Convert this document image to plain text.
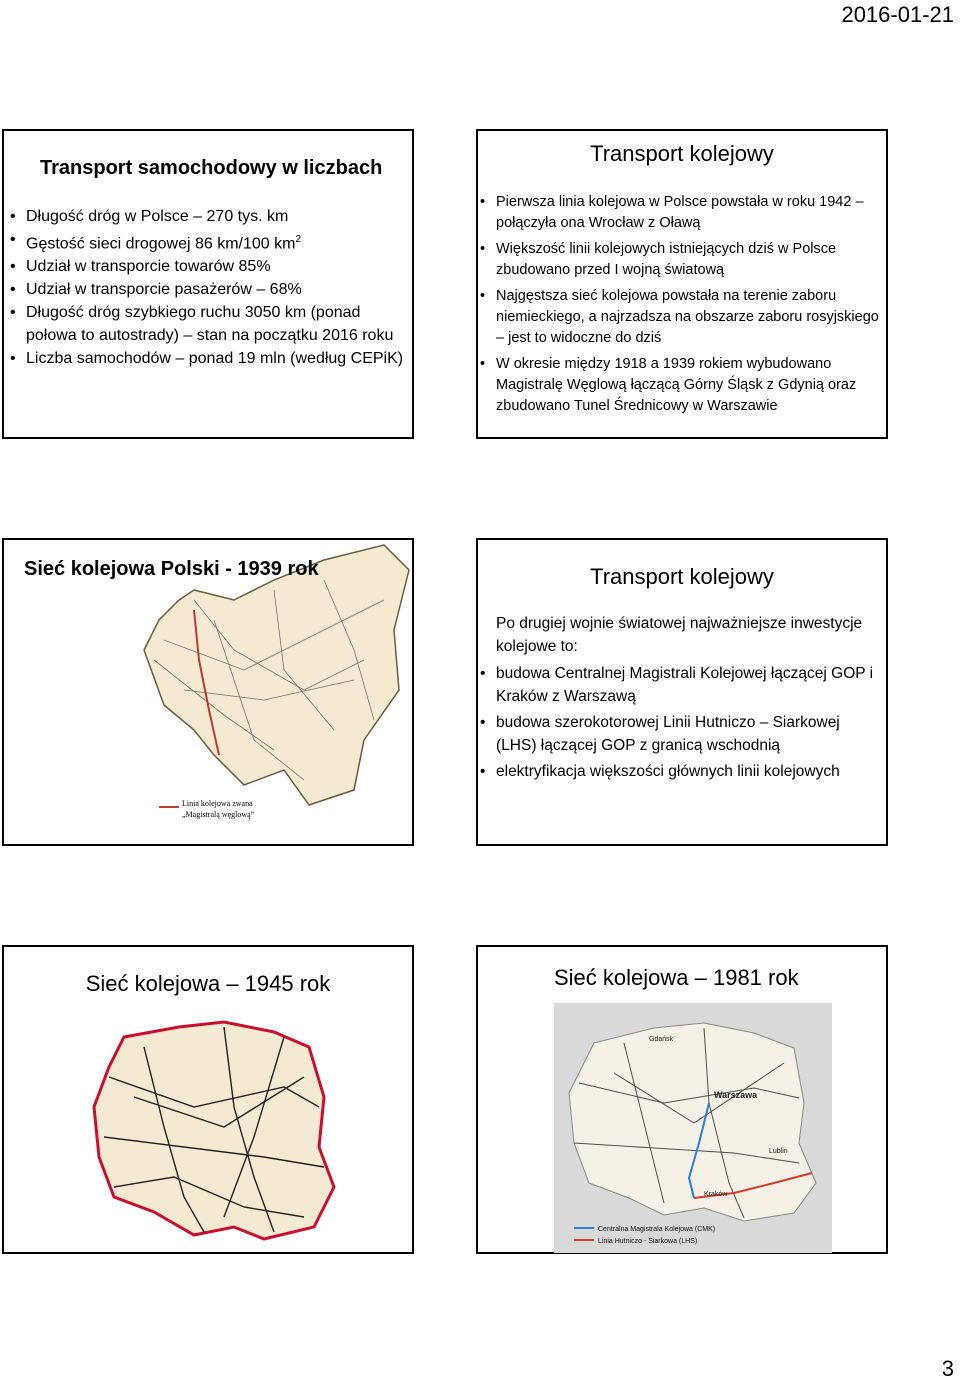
2016-01-21
Transport samochodowy w liczbach
• Długość dróg w Polsce – 270 tys. km
• Gęstość sieci drogowej 86 km/100 $km^2$
• Udział w transporcie towarów 85%
• Udział w transporcie pasażerów – 68%
• Długość dróg szybkiego ruchu 3050 km (ponad połowa to autostrady) – stan na początku 2016 roku
• Liczba samochodów – ponad 19 mln (według CEPiK)
Transport kolejowy
• Pierwsza linia kolejowa w Polsce powstała w roku 1942 – połączyła ona Wrocław z Oławą
• Większość linii kolejowych istniejących dziś w Polsce zbudowano przed I wojną światową
• Najgęstsza sieć kolejowa powstała na terenie zaboru niemieckiego, a najrzadsza na obszarze zaboru rosyjskiego – jest to widoczne do dziś
• W okresie między 1918 a 1939 rokiem wybudowano Magistralę Węglową łączącą Górny Śląsk z Gdynią oraz zbudowano Tunel Średnicowy w Warszawie
Sieć kolejowa Polski - 1939 rok
Linia kolejowa zwana
„Magistralą węglową”
Transport kolejowy
Po drugiej wojnie światowej najważniejsze inwestycje kolejowe to:
• budowa Centralnej Magistrali Kolejowej łączącej GOP i Kraków z Warszawą
• budowa szerokotorowej Linii Hutniczo – Siarkowej (LHS) łączącej GOP z granicą wschodnią
• elektryfikacja większości głównych linii kolejowych
Sieć kolejowa – 1945 rok	Sieć kolejowa – 1981 rok
Gdańsk
Warszawa
Lublin
Kraków
Centralna Magistrala Kolejowa (CMK)
Linia Hutniczo - Siarkowa (LHS)
3
